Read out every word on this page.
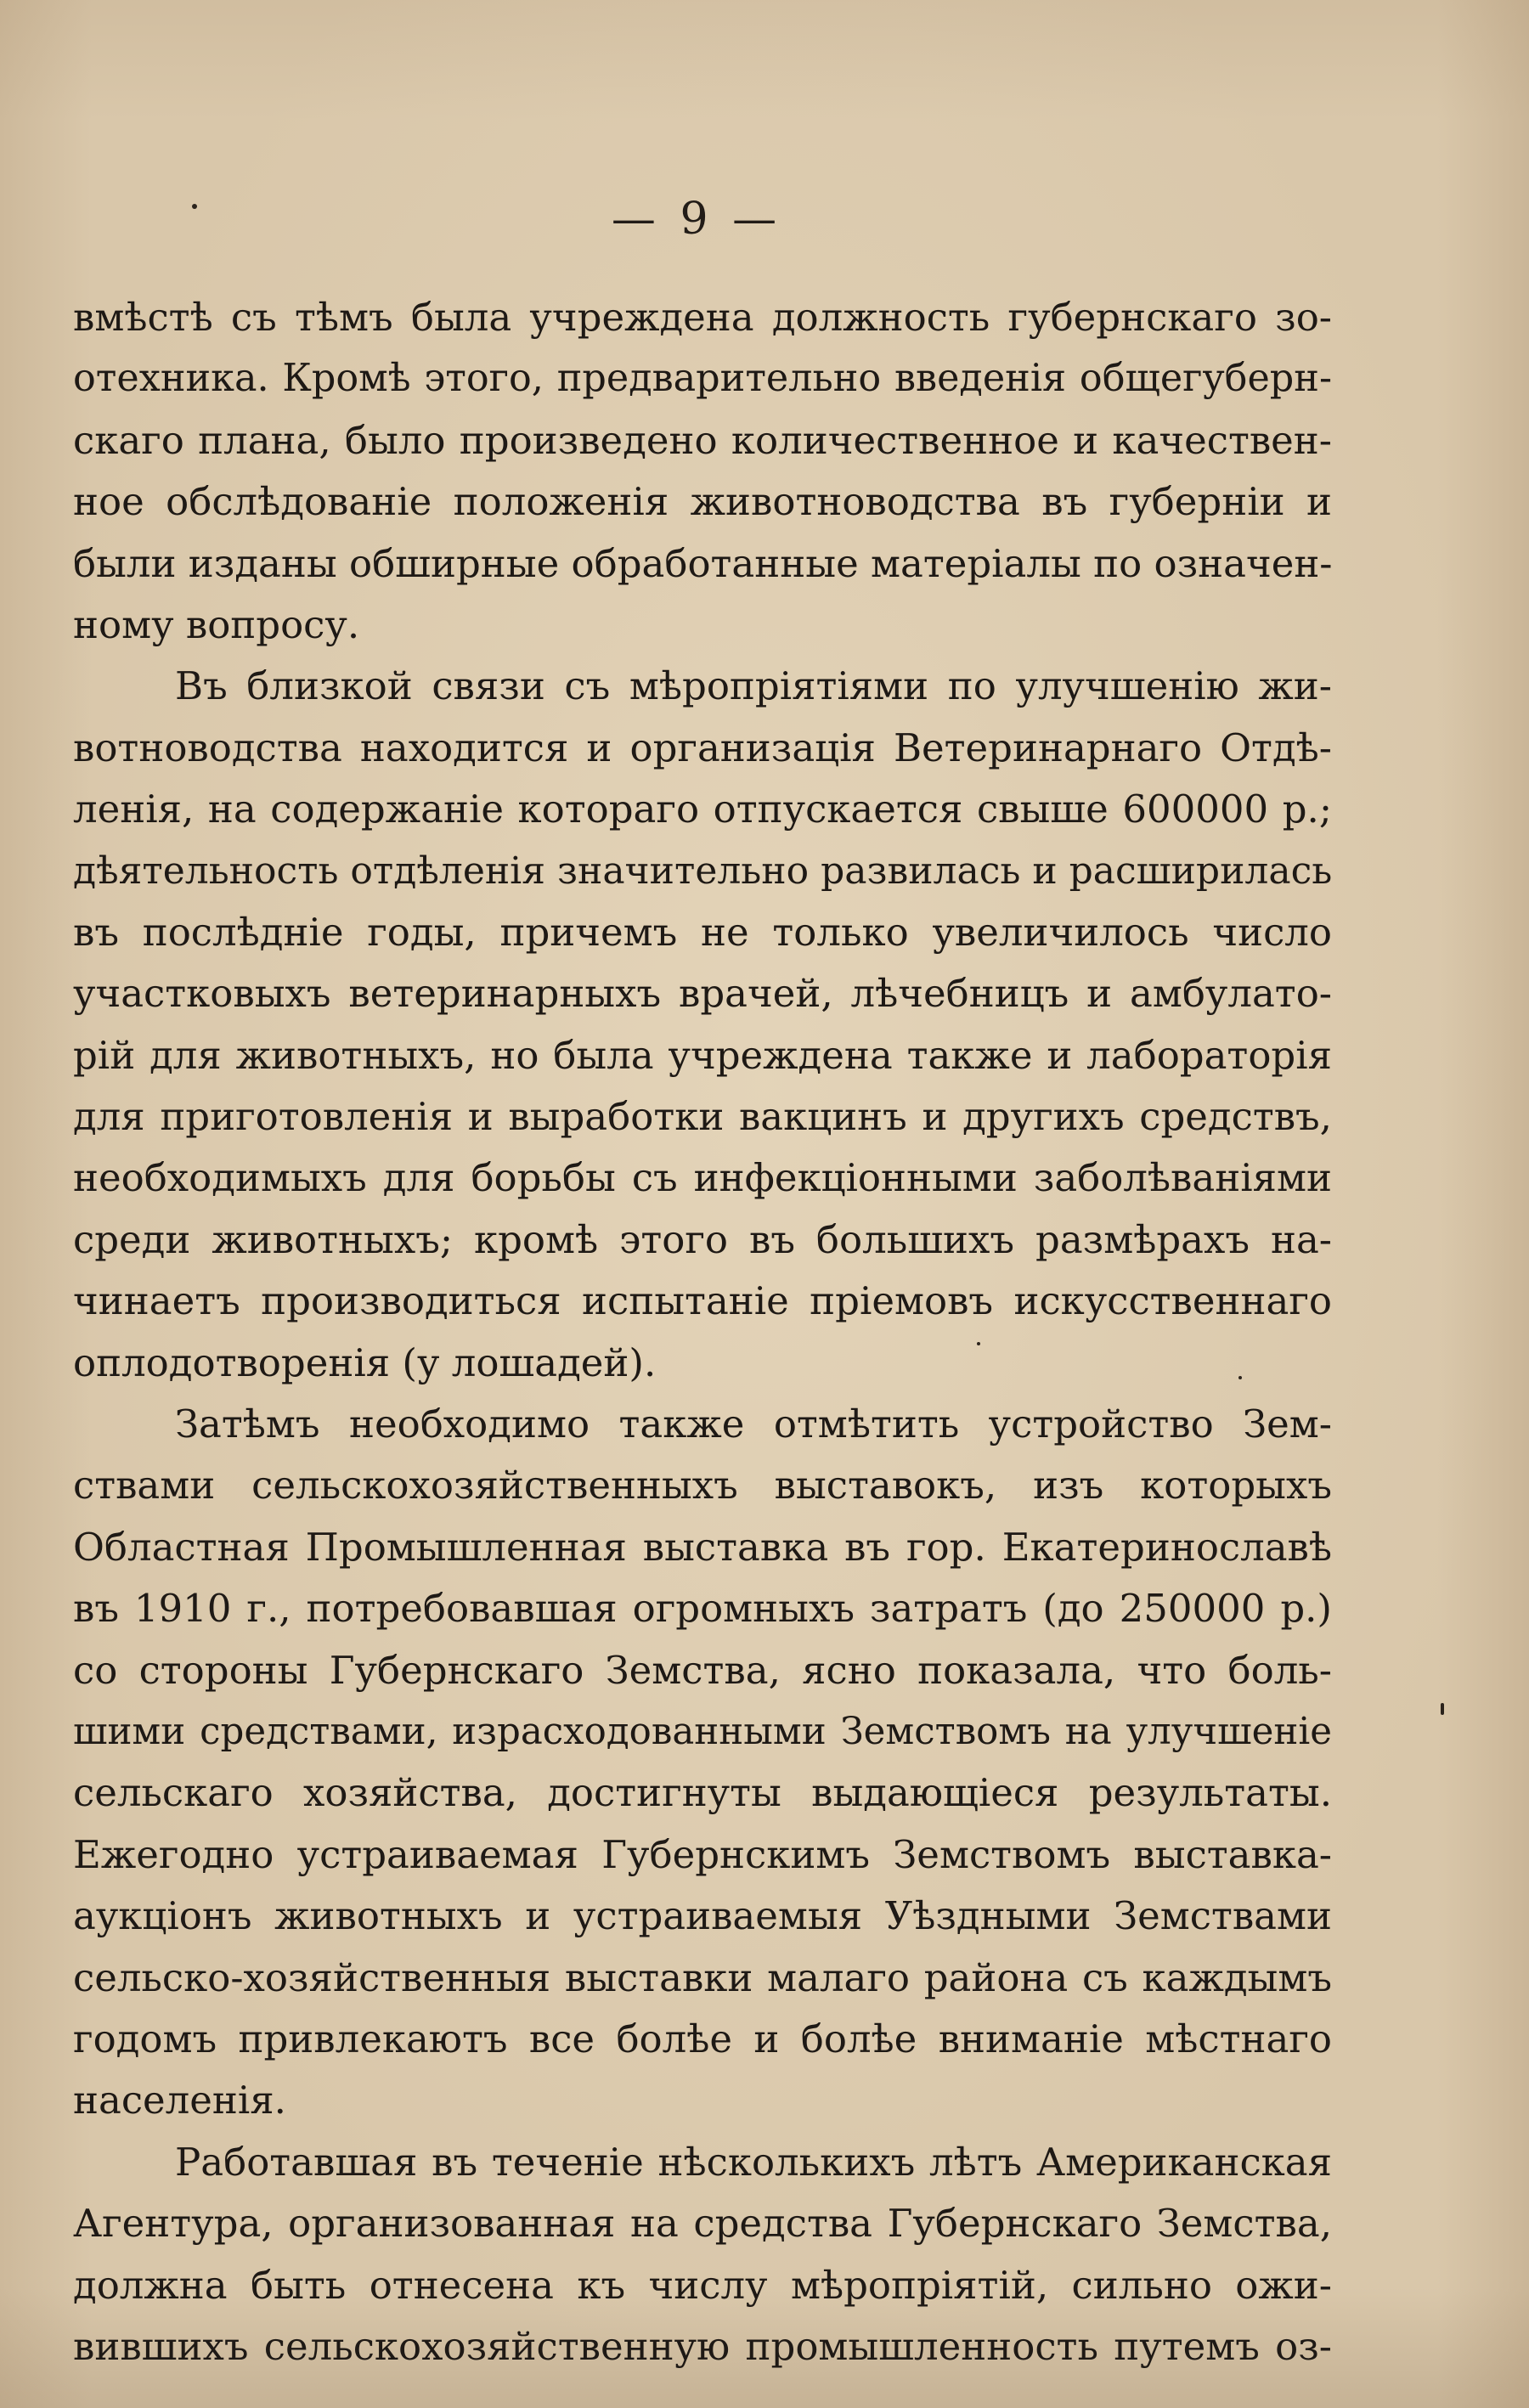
— 9 —
вмѣстѣ съ тѣмъ была учреждена должность губернскаго зо-
отехника. Кромѣ этого, предварительно введенія общегуберн-
скаго плана, было произведено количественное и качествен-
ное обслѣдованіе положенія животноводства въ губерніи и
были изданы обширные обработанные матеріалы по означен-
ному вопросу.
Въ близкой связи съ мѣропріятіями по улучшенію жи-
вотноводства находится и организація Ветеринарнаго Отдѣ-
ленія, на содержаніе котораго отпускается свыше 600000 р.;
дѣятельность отдѣленія значительно развилась и расширилась
въ послѣдніе годы, причемъ не только увеличилось число
участковыхъ ветеринарныхъ врачей, лѣчебницъ и амбулато-
рій для животныхъ, но была учреждена также и лабораторія
для приготовленія и выработки вакцинъ и другихъ средствъ,
необходимыхъ для борьбы съ инфекціонными заболѣваніями
среди животныхъ; кромѣ этого въ большихъ размѣрахъ на-
чинаетъ производиться испытаніе пріемовъ искусственнаго
оплодотворенія (у лошадей).
Затѣмъ необходимо также отмѣтить устройство Зем-
ствами сельскохозяйственныхъ выставокъ, изъ которыхъ
Областная Промышленная выставка въ гор. Екатеринославѣ
въ 1910 г., потребовавшая огромныхъ затратъ (до 250000 р.)
со стороны Губернскаго Земства, ясно показала, что боль-
шими средствами, израсходованными Земствомъ на улучшеніе
сельскаго хозяйства, достигнуты выдающіеся результаты.
Ежегодно устраиваемая Губернскимъ Земствомъ выставка-
аукціонъ животныхъ и устраиваемыя Уѣздными Земствами
сельско-хозяйственныя выставки малаго района съ каждымъ
годомъ привлекаютъ все болѣе и болѣе вниманіе мѣстнаго
населенія.
Работавшая въ теченіе нѣсколькихъ лѣтъ Американская
Агентура, организованная на средства Губернскаго Земства,
должна быть отнесена къ числу мѣропріятій, сильно ожи-
вившихъ сельскохозяйственную промышленность путемъ оз-
